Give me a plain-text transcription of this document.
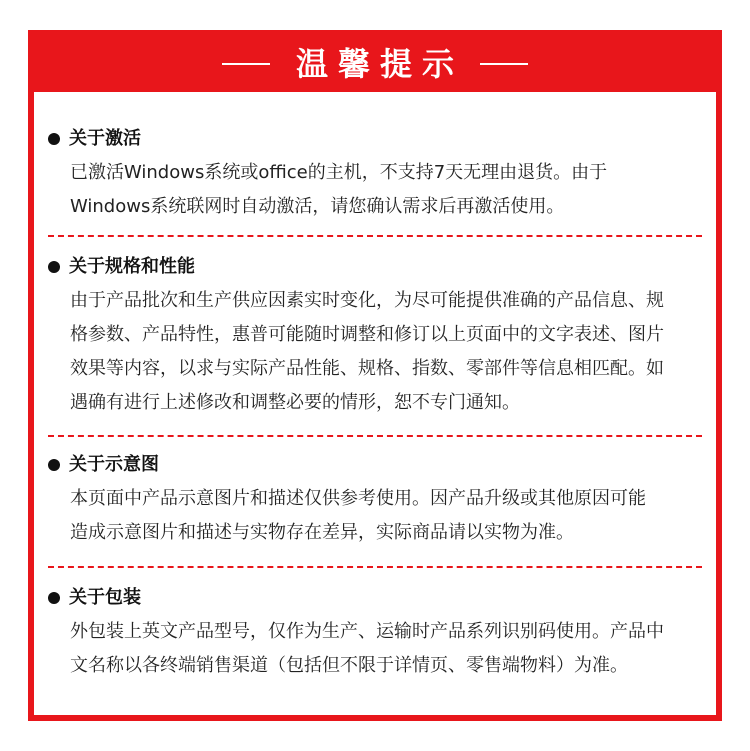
温馨提示
关于激活
已激活Windows系统或office的主机，不支持7天无理由退货。由于
Windows系统联网时自动激活，请您确认需求后再激活使用。
关于规格和性能
由于产品批次和生产供应因素实时变化，为尽可能提供准确的产品信息、规
格参数、产品特性，惠普可能随时调整和修订以上页面中的文字表述、图片
效果等内容，以求与实际产品性能、规格、指数、零部件等信息相匹配。如
遇确有进行上述修改和调整必要的情形，恕不专门通知。
关于示意图
本页面中产品示意图片和描述仅供参考使用。因产品升级或其他原因可能
造成示意图片和描述与实物存在差异，实际商品请以实物为准。
关于包装
外包装上英文产品型号，仅作为生产、运输时产品系列识别码使用。产品中
文名称以各终端销售渠道（包括但不限于详情页、零售端物料）为准。
